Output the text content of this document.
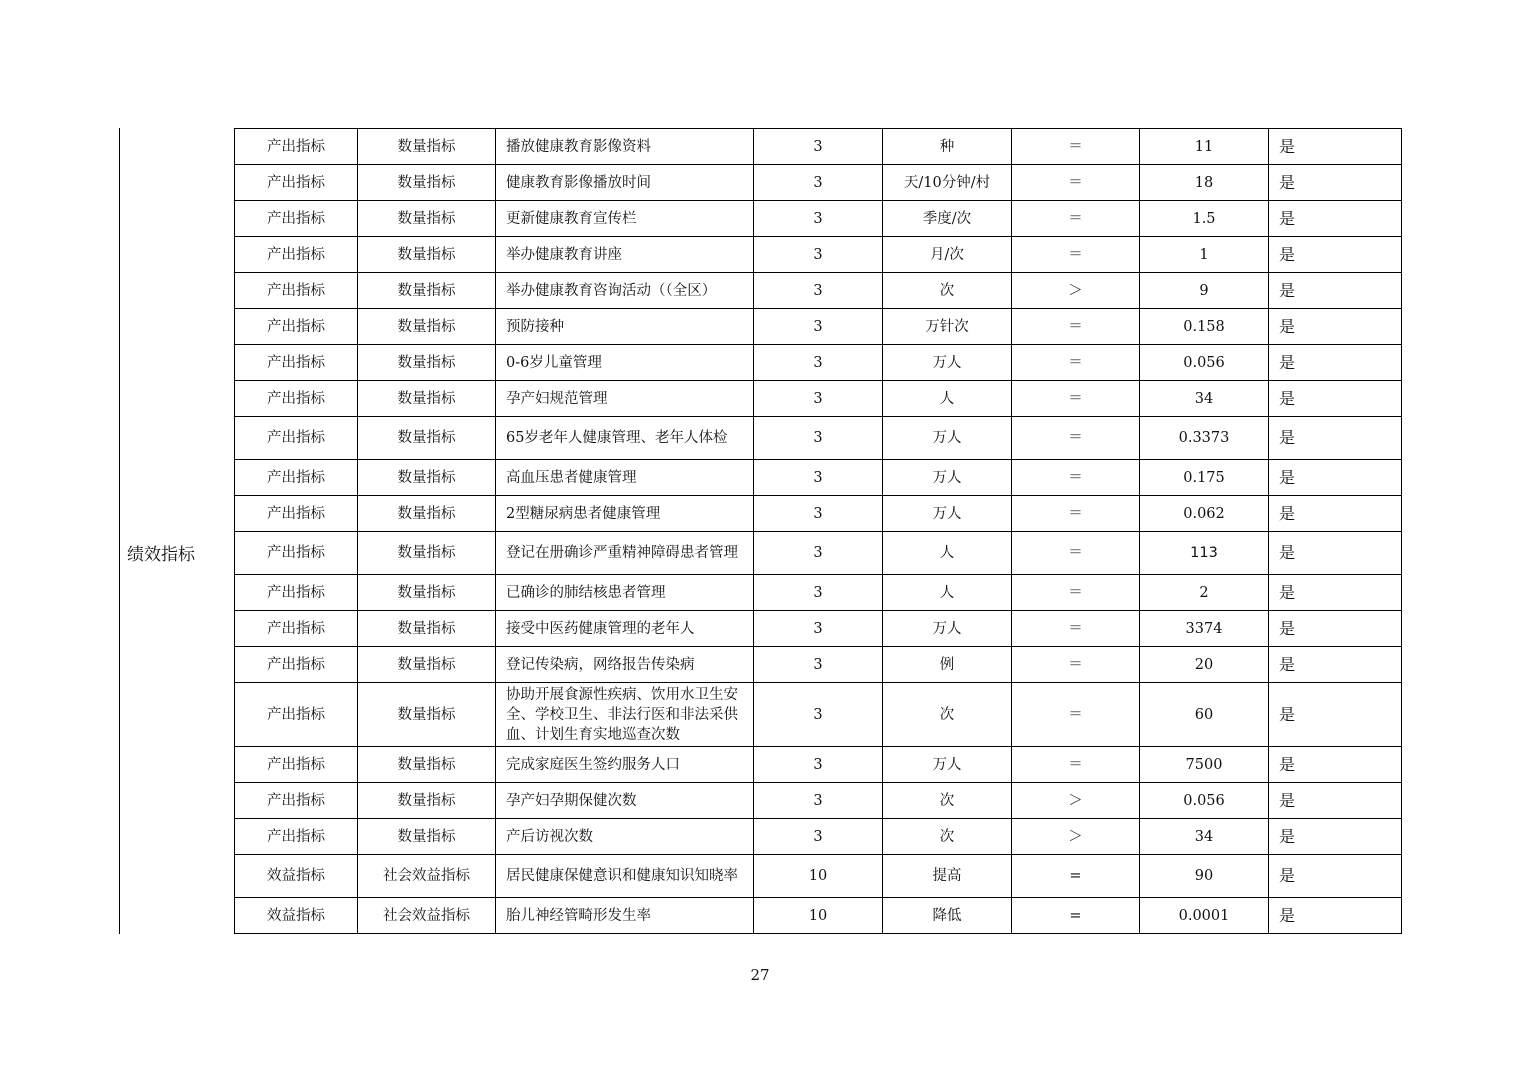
绩效指标
产出指标	数量指标	播放健康教育影像资料	3	种	＝	11	是
产出指标	数量指标	健康教育影像播放时间	3	天/10分钟/村	＝	18	是
产出指标	数量指标	更新健康教育宣传栏	3	季度/次	＝	1.5	是
产出指标	数量指标	举办健康教育讲座	3	月/次	＝	1	是
产出指标	数量指标	举办健康教育咨询活动（（全区）	3	次	＞	9	是
产出指标	数量指标	预防接种	3	万针次	＝	0.158	是
产出指标	数量指标	0-6岁儿童管理	3	万人	＝	0.056	是
产出指标	数量指标	孕产妇规范管理	3	人	＝	34	是
产出指标	数量指标	65岁老年人健康管理、老年人体检	3	万人	＝	0.3373	是
产出指标	数量指标	高血压患者健康管理	3	万人	＝	0.175	是
产出指标	数量指标	2型糖尿病患者健康管理	3	万人	＝	0.062	是
产出指标	数量指标	登记在册确诊严重精神障碍患者管理	3	人	＝	113	是
产出指标	数量指标	已确诊的肺结核患者管理	3	人	＝	2	是
产出指标	数量指标	接受中医药健康管理的老年人	3	万人	＝	3374	是
产出指标	数量指标	登记传染病，网络报告传染病	3	例	＝	20	是
产出指标	数量指标	协助开展食源性疾病、饮用水卫生安全、学校卫生、非法行医和非法采供血、计划生育实地巡查次数	3	次	＝	60	是
产出指标	数量指标	完成家庭医生签约服务人口	3	万人	＝	7500	是
产出指标	数量指标	孕产妇孕期保健次数	3	次	＞	0.056	是
产出指标	数量指标	产后访视次数	3	次	＞	34	是
效益指标	社会效益指标	居民健康保健意识和健康知识知晓率	10	提高	=	90	是
效益指标	社会效益指标	胎儿神经管畸形发生率	10	降低	=	0.0001	是
27
